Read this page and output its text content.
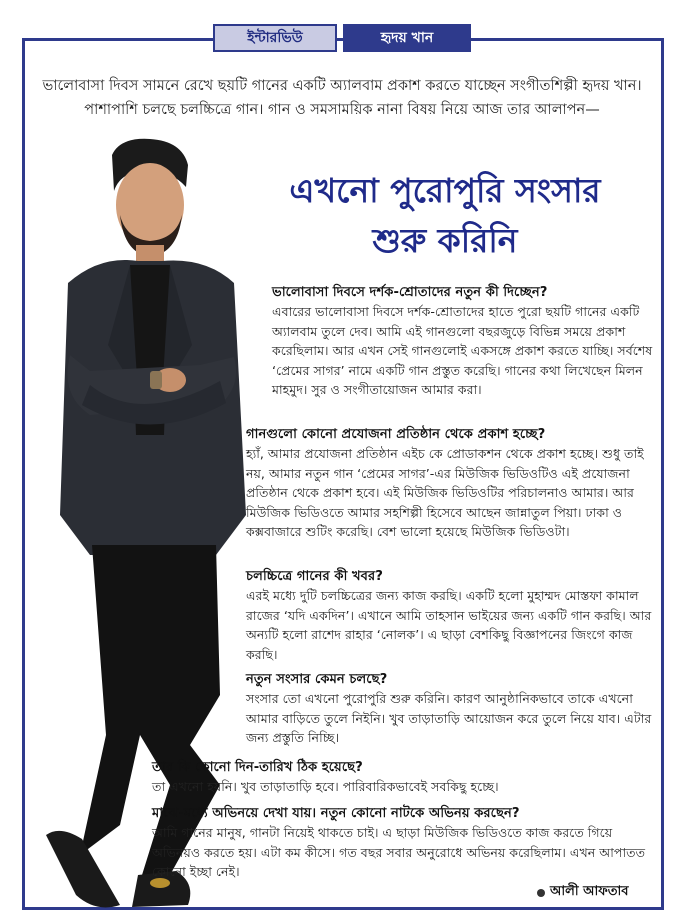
ইন্টারভিউ	হৃদয় খান
ভালোবাসা দিবস সামনে রেখে ছয়টি গানের একটি অ্যালবাম প্রকাশ করতে যাচ্ছেন সংগীতশিল্পী হৃদয় খান। পাশাপাশি চলছে চলচ্চিত্রে গান। গান ও সমসাময়িক নানা বিষয় নিয়ে আজ তার আলাপন—
এখনো পুরোপুরি সংসার
শুরু করিনি
ভালোবাসা দিবসে দর্শক-শ্রোতাদের নতুন কী দিচ্ছেন?
এবারের ভালোবাসা দিবসে দর্শক-শ্রোতাদের হাতে পুরো ছয়টি গানের একটি অ্যালবাম তুলে দেব। আমি এই গানগুলো বছরজুড়ে বিভিন্ন সময়ে প্রকাশ করেছিলাম। আর এখন সেই গানগুলোই একসঙ্গে প্রকাশ করতে যাচ্ছি। সর্বশেষ ‘প্রেমের সাগর’ নামে একটি গান প্রস্তুত করেছি। গানের কথা লিখেছেন মিলন মাহমুদ। সুর ও সংগীতায়োজন আমার করা।
গানগুলো কোনো প্রযোজনা প্রতিষ্ঠান থেকে প্রকাশ হচ্ছে?
হ্যাঁ, আমার প্রযোজনা প্রতিষ্ঠান এইচ কে প্রোডাকশন থেকে প্রকাশ হচ্ছে। শুধু তাই নয়, আমার নতুন গান ‘প্রেমের সাগর’-এর মিউজিক ভিডিওটিও এই প্রযোজনা প্রতিষ্ঠান থেকে প্রকাশ হবে। এই মিউজিক ভিডিওটির পরিচালনাও আমার। আর মিউজিক ভিডিওতে আমার সহশিল্পী হিসেবে আছেন জান্নাতুল পিয়া। ঢাকা ও কক্সবাজারে শুটিং করেছি। বেশ ভালো হয়েছে মিউজিক ভিডিওটা।
চলচ্চিত্রে গানের কী খবর?
এরই মধ্যে দুটি চলচ্চিত্রের জন্য কাজ করছি। একটি হলো মুহাম্মদ মোস্তফা কামাল রাজের ‘যদি একদিন’। এখানে আমি তাহসান ভাইয়ের জন্য একটি গান করছি। আর অন্যটি হলো রাশেদ রাহার ‘নোলক’। এ ছাড়া বেশকিছু বিজ্ঞাপনের জিংগে কাজ করছি।
নতুন সংসার কেমন চলছে?
সংসার তো এখনো পুরোপুরি শুরু করিনি। কারণ আনুষ্ঠানিকভাবে তাকে এখনো আমার বাড়িতে তুলে নিইনি। খুব তাড়াতাড়ি আয়োজন করে তুলে নিয়ে যাব। এটার জন্য প্রস্তুতি নিচ্ছি।
তার কি কোনো দিন-তারিখ ঠিক হয়েছে?
তা এখনো হয়নি। খুব তাড়াতাড়ি হবে। পারিবারিকভাবেই সবকিছু হচ্ছে।
মাঝে-মধ্যে অভিনয়ে দেখা যায়। নতুন কোনো নাটকে অভিনয় করছেন?
আমি গানের মানুষ, গানটা নিয়েই থাকতে চাই। এ ছাড়া মিউজিক ভিডিওতে কাজ করতে গিয়ে অভিনয়ও করতে হয়। এটা কম কীসে। গত বছর সবার অনুরোধে অভিনয় করেছিলাম। এখন আপাতত কোনো ইচ্ছা নেই।
আলী আফতাব
